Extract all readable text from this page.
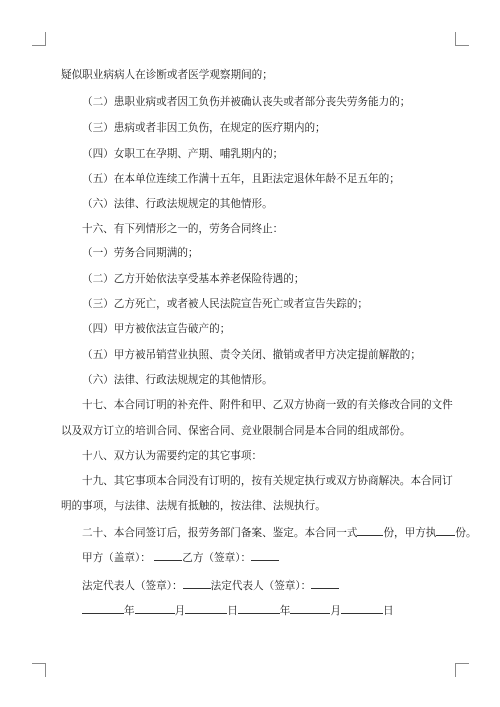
疑似职业病病人在诊断或者医学观察期间的；
（二）患职业病或者因工负伤并被确认丧失或者部分丧失劳务能力的；
（三）患病或者非因工负伤，在规定的医疗期内的；
（四）女职工在孕期、产期、哺乳期内的；
（五）在本单位连续工作满十五年，且距法定退休年龄不足五年的；
（六）法律、行政法规规定的其他情形。
十六、有下列情形之一的，劳务合同终止：
（一）劳务合同期满的；
（二）乙方开始依法享受基本养老保险待遇的；
（三）乙方死亡，或者被人民法院宣告死亡或者宣告失踪的；
（四）甲方被依法宣告破产的；
（五）甲方被吊销营业执照、责令关闭、撤销或者甲方决定提前解散的；
（六）法律、行政法规规定的其他情形。
十七、本合同订明的补充件、附件和甲、乙双方协商一致的有关修改合同的文件
以及双方订立的培训合同、保密合同、竞业限制合同是本合同的组成部份。
十八、双方认为需要约定的其它事项：
十九、其它事项本合同没有订明的，按有关规定执行或双方协商解决。本合同订
明的事项，与法律、法规有抵触的，按法律、法规执行。
二十、本合同签订后，报劳务部门备案、鉴定。本合同一式 份，甲方执 份。
甲方（盖章）：	乙方（签章）：
法定代表人（签章）：	法定代表人（签章）：
年	月	日	年	月	日
